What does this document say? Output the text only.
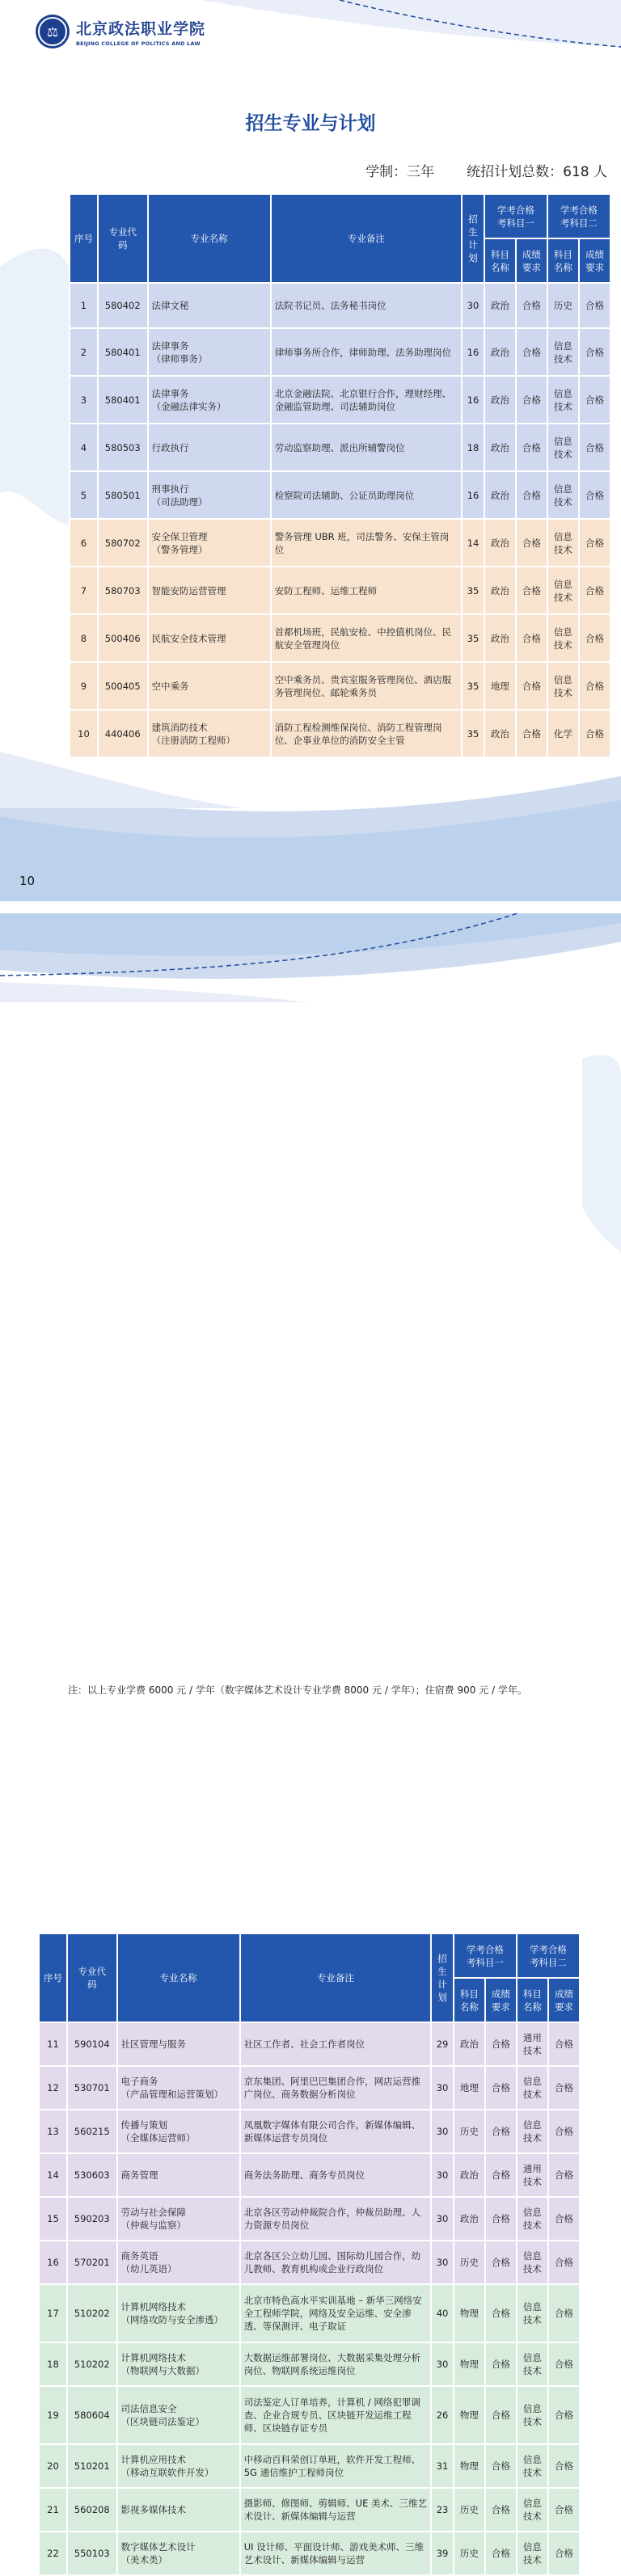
⚖	北京政法职业学院
BEIJING COLLEGE OF POLITICS AND LAW
招生专业与计划
学制：三年 统招计划总数：618 人
序号	专业代码	专业名称	专业备注	招生计划	学考合格考科目一		学考合格考科目二	
					科目名称	成绩要求	科目名称	成绩要求
1	580402	法律文秘	法院书记员、法务秘书岗位	30	政治	合格	历史	合格
2	580401	法律事务
（律师事务）	律师事务所合作，律师助理、法务助理岗位	16	政治	合格	信息技术	合格
3	580401	法律事务
（金融法律实务）	北京金融法院、北京银行合作，理财经理、金融监管助理、司法辅助岗位	16	政治	合格	信息技术	合格
4	580503	行政执行	劳动监察助理、派出所辅警岗位	18	政治	合格	信息技术	合格
5	580501	刑事执行
（司法助理）	检察院司法辅助、公证员助理岗位	16	政治	合格	信息技术	合格
6	580702	安全保卫管理
（警务管理）	警务管理 UBR 班，司法警务、安保主管岗位	14	政治	合格	信息技术	合格
7	580703	智能安防运营管理	安防工程师、运维工程师	35	政治	合格	信息技术	合格
8	500406	民航安全技术管理	首都机场班，民航安检、中控值机岗位、民航安全管理岗位	35	政治	合格	信息技术	合格
9	500405	空中乘务	空中乘务员、贵宾室服务管理岗位、酒店服务管理岗位、邮轮乘务员	35	地理	合格	信息技术	合格
10	440406	建筑消防技术
（注册消防工程师）	消防工程检测维保岗位、消防工程管理岗位、企事业单位的消防安全主管	35	政治	合格	化学	合格
10
序号	专业代码	专业名称	专业备注	招生计划	学考合格考科目一		学考合格考科目二	
					科目名称	成绩要求	科目名称	成绩要求
11	590104	社区管理与服务	社区工作者、社会工作者岗位	29	政治	合格	通用技术	合格
12	530701	电子商务
（产品管理和运营策划）	京东集团、阿里巴巴集团合作，网店运营推广岗位、商务数据分析岗位	30	地理	合格	信息技术	合格
13	560215	传播与策划
（全媒体运营师）	凤凰数字媒体有限公司合作，新媒体编辑、新媒体运营专员岗位	30	历史	合格	信息技术	合格
14	530603	商务管理	商务法务助理、商务专员岗位	30	政治	合格	通用技术	合格
15	590203	劳动与社会保障
（仲裁与监察）	北京各区劳动仲裁院合作，仲裁员助理、人力资源专员岗位	30	政治	合格	信息技术	合格
16	570201	商务英语
（幼儿英语）	北京各区公立幼儿园、国际幼儿园合作，幼儿教师、教育机构或企业行政岗位	30	历史	合格	信息技术	合格
17	510202	计算机网络技术
（网络攻防与安全渗透）	北京市特色高水平实训基地 – 新华三网络安全工程师学院，网络及安全运维、安全渗透、等保测评、电子取证	40	物理	合格	信息技术	合格
18	510202	计算机网络技术
（物联网与大数据）	大数据运维部署岗位、大数据采集处理分析岗位、物联网系统运维岗位	30	物理	合格	信息技术	合格
19	580604	司法信息安全
（区块链司法鉴定）	司法鉴定人订单培养，计算机 / 网络犯罪调查、企业合规专员、区块链开发运维工程师、区块链存证专员	26	物理	合格	信息技术	合格
20	510201	计算机应用技术
（移动互联软件开发）	中移动百科荣创订单班，软件开发工程师、5G 通信维护工程师岗位	31	物理	合格	信息技术	合格
21	560208	影视多媒体技术	摄影师、修图师、剪辑师、UE 美术、三维艺术设计、新媒体编辑与运营	23	历史	合格	信息技术	合格
22	550103	数字媒体艺术设计
（美术类）	UI 设计师、平面设计师、游戏美术师、三维艺术设计、新媒体编辑与运营	39	历史	合格	信息技术	合格
注：以上专业学费 6000 元 / 学年（数字媒体艺术设计专业学费 8000 元 / 学年）；住宿费 900 元 / 学年。
